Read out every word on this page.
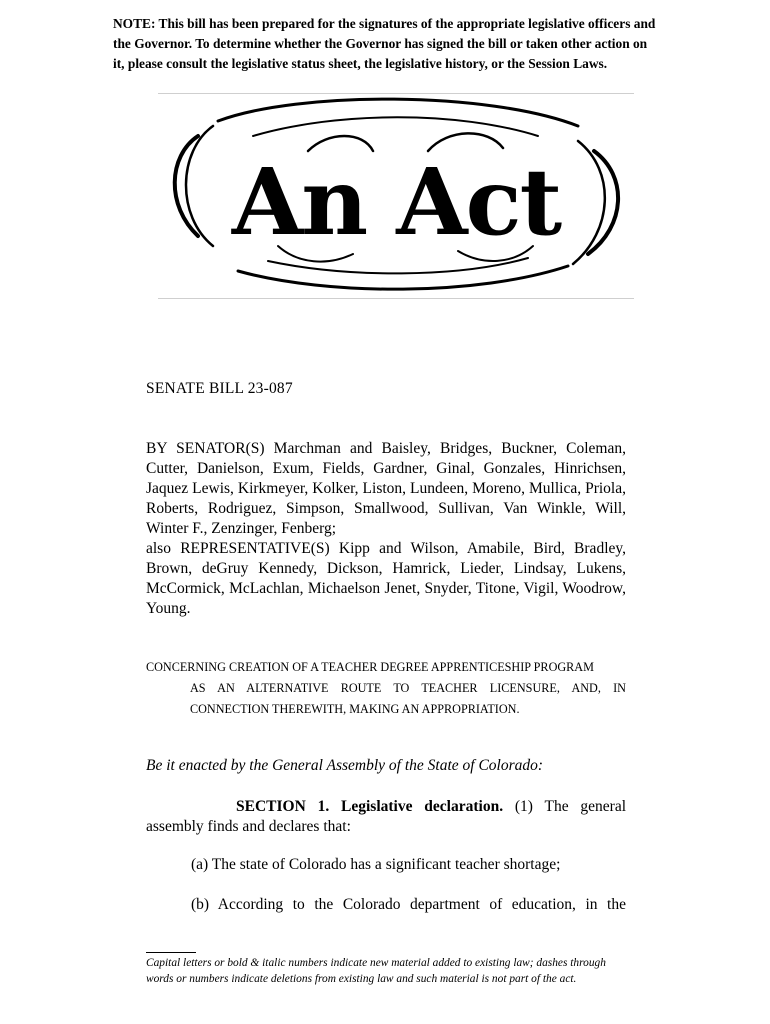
NOTE: This bill has been prepared for the signatures of the appropriate legislative officers and the Governor. To determine whether the Governor has signed the bill or taken other action on it, please consult the legislative status sheet, the legislative history, or the Session Laws.
An Act
SENATE BILL 23-087

BY SENATOR(S) Marchman and Baisley, Bridges, Buckner, Coleman, Cutter, Danielson, Exum, Fields, Gardner, Ginal, Gonzales, Hinrichsen, Jaquez Lewis, Kirkmeyer, Kolker, Liston, Lundeen, Moreno, Mullica, Priola, Roberts, Rodriguez, Simpson, Smallwood, Sullivan, Van Winkle, Will, Winter F., Zenzinger, Fenberg;

also REPRESENTATIVE(S) Kipp and Wilson, Amabile, Bird, Bradley, Brown, deGruy Kennedy, Dickson, Hamrick, Lieder, Lindsay, Lukens, McCormick, McLachlan, Michaelson Jenet, Snyder, Titone, Vigil, Woodrow, Young.

CONCERNING CREATION OF A TEACHER DEGREE APPRENTICESHIP PROGRAM

AS AN ALTERNATIVE ROUTE TO TEACHER LICENSURE, AND, IN

CONNECTION THEREWITH, MAKING AN APPROPRIATION.

Be it enacted by the General Assembly of the State of Colorado:

SECTION 1. Legislative declaration. (1) The general assembly finds and declares that:

(a) The state of Colorado has a significant teacher shortage;
(b) According to the Colorado department of education, in the
Capital letters or bold & italic numbers indicate new material added to existing law; dashes through words or numbers indicate deletions from existing law and such material is not part of the act.
